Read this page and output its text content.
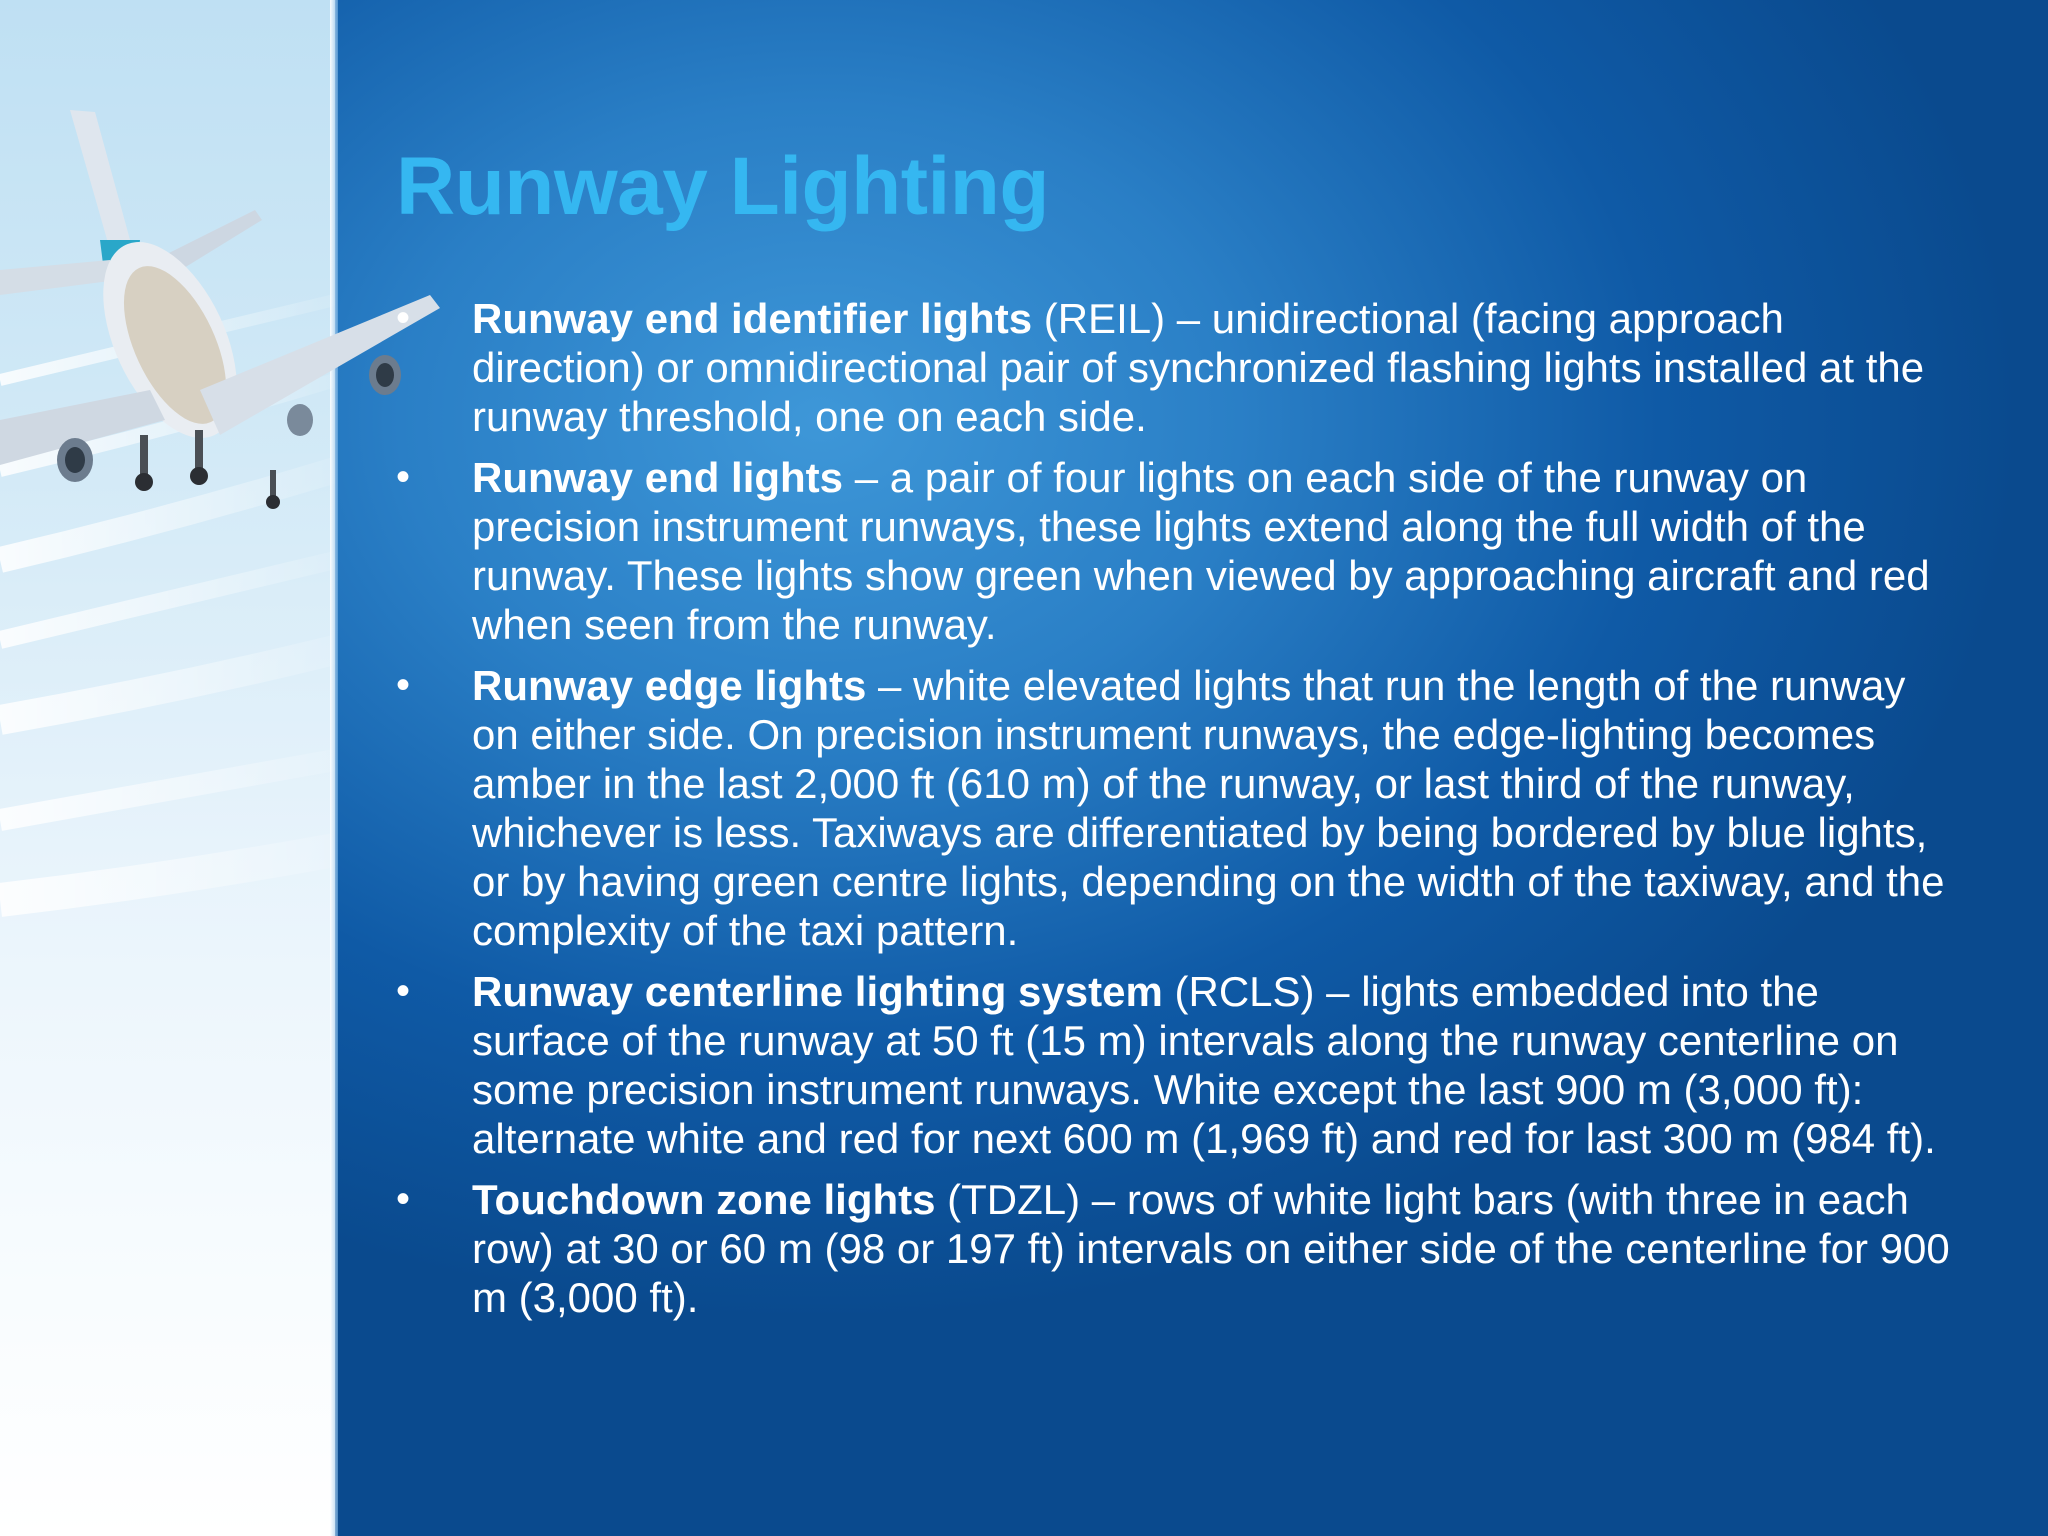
Runway Lighting
•	Runway end identifier lights (REIL) – unidirectional (facing approach direction) or omnidirectional pair of synchronized flashing lights installed at the runway threshold, one on each side.
•	Runway end lights – a pair of four lights on each side of the runway on precision instrument runways, these lights extend along the full width of the runway. These lights show green when viewed by approaching aircraft and red when seen from the runway.
•	Runway edge lights – white elevated lights that run the length of the runway on either side. On precision instrument runways, the edge-lighting becomes amber in the last 2,000 ft (610 m) of the runway, or last third of the runway, whichever is less. Taxiways are differentiated by being bordered by blue lights, or by having green centre lights, depending on the width of the taxiway, and the complexity of the taxi pattern.
•	Runway centerline lighting system (RCLS) – lights embedded into the surface of the runway at 50 ft (15 m) intervals along the runway centerline on some precision instrument runways. White except the last 900 m (3,000 ft): alternate white and red for next 600 m (1,969 ft) and red for last 300 m (984 ft).
•	Touchdown zone lights (TDZL) – rows of white light bars (with three in each row) at 30 or 60 m (98 or 197 ft) intervals on either side of the centerline for 900 m (3,000 ft).
